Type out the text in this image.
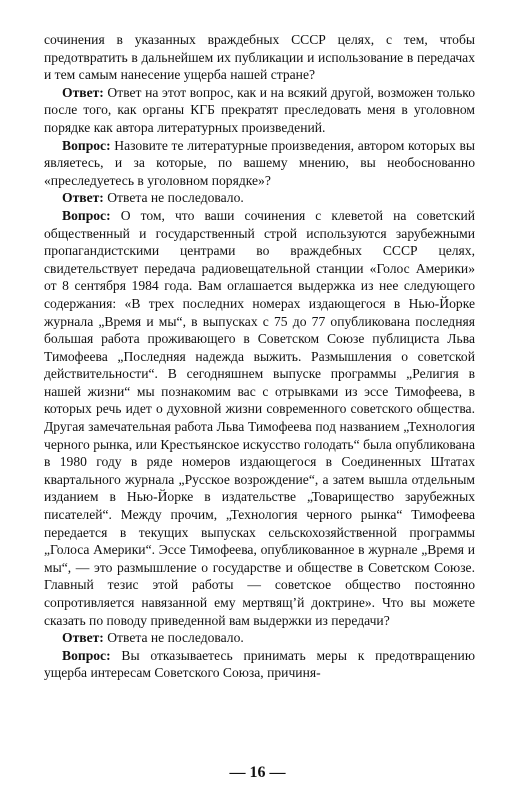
сочинения в указанных враждебных СССР целях, с тем, чтобы предотвратить в дальнейшем их публикации и использование в передачах и тем самым нанесение ущерба нашей стране?

Ответ: Ответ на этот вопрос, как и на всякий другой, возможен только после того, как органы КГБ прекратят преследовать меня в уголовном порядке как автора литературных произведений.

Вопрос: Назовите те литературные произведения, автором которых вы являетесь, и за которые, по вашему мнению, вы необоснованно «преследуетесь в уголовном порядке»?

Ответ: Ответа не последовало.

Вопрос: О том, что ваши сочинения с клеветой на советский общественный и государственный строй используются зарубежными пропагандистскими центрами во враждебных СССР целях, свидетельствует передача радиовещательной станции «Голос Америки» от 8 сентября 1984 года. Вам оглашается выдержка из нее следующего содержания: «В трех последних номерах издающегося в Нью-Йорке журнала „Время и мы“, в выпусках с 75 до 77 опубликована последняя большая работа проживающего в Советском Союзе публициста Льва Тимофеева „Последняя надежда выжить. Размышления о советской действительности“. В сегодняшнем выпуске программы „Религия в нашей жизни“ мы познакомим вас с отрывками из эссе Тимофеева, в которых речь идет о духовной жизни современного советского общества. Другая замечательная работа Льва Тимофеева под названием „Технология черного рынка, или Крестьянское искусство голодать“ была опубликована в 1980 году в ряде номеров издающегося в Соединенных Штатах квартального журнала „Русское возрождение“, а затем вышла отдельным изданием в Нью-Йорке в издательстве „Товарищество зарубежных писателей“. Между прочим, „Технология черного рынка“ Тимофеева передается в текущих выпусках сельскохозяйственной программы „Голоса Америки“. Эссе Тимофеева, опубликованное в журнале „Время и мы“, — это размышление о государстве и обществе в Советском Союзе. Главный тезис этой работы — советское общество постоянно сопротивляется навязанной ему мертвящ’й доктрине». Что вы можете сказать по поводу приведенной вам выдержки из передачи?

Ответ: Ответа не последовало.

Вопрос: Вы отказываетесь принимать меры к предотвращению ущерба интересам Советского Союза, причиня-

— 16 —
